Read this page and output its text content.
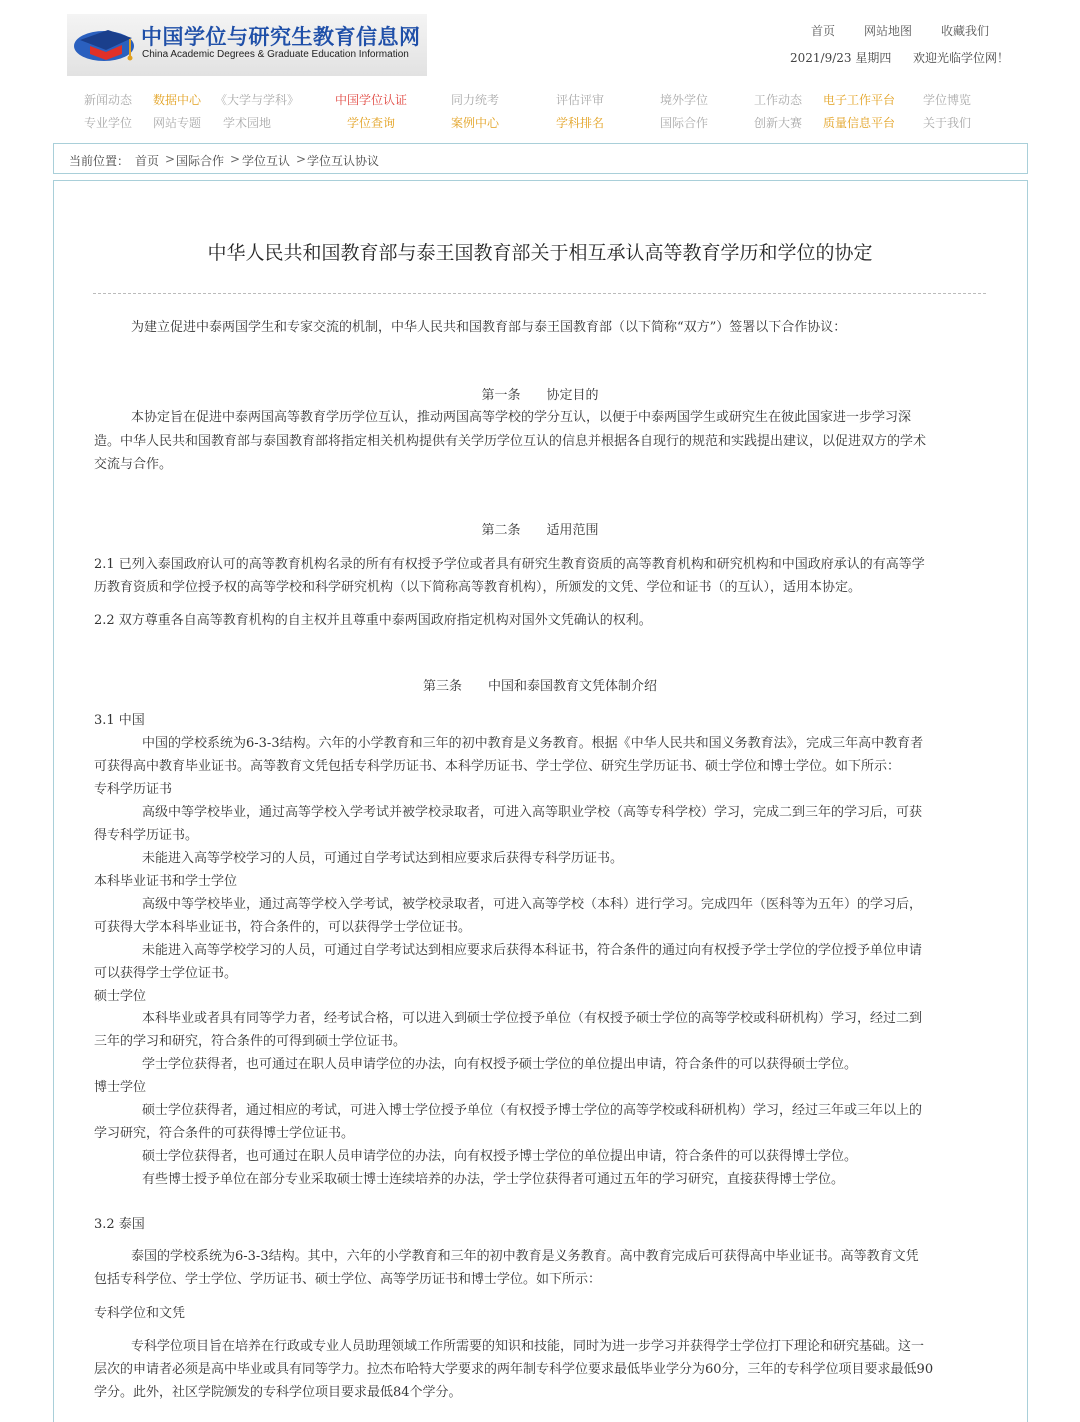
中国学位与研究生教育信息网
China Academic Degrees & Graduate Education Information
首页 网站地图 收藏我们
2021/9/23 星期四 欢迎光临学位网！
新闻动态 数据中心 《大学与学科》	中国学位认证	同力统考	评估评审	境外学位	工作动态 电子工作平台 学位博览
专业学位 网站专题 学术园地	学位查询	案例中心	学科排名	国际合作	创新大赛 质量信息平台 关于我们
当前位置： 首页 > 国际合作 > 学位互认 > 学位互认协议
中华人民共和国教育部与泰王国教育部关于相互承认高等教育学历和学位的协定
为建立促进中泰两国学生和专家交流的机制，中华人民共和国教育部与泰王国教育部（以下简称“双方”）签署以下合作协议：
第一条　　协定目的
本协定旨在促进中泰两国高等教育学历学位互认，推动两国高等学校的学分互认，以便于中泰两国学生或研究生在彼此国家进一步学习深
造。中华人民共和国教育部与泰国教育部将指定相关机构提供有关学历学位互认的信息并根据各自现行的规范和实践提出建议，以促进双方的学术
交流与合作。
第二条　　适用范围
2.1 已列入泰国政府认可的高等教育机构名录的所有有权授予学位或者具有研究生教育资质的高等教育机构和研究机构和中国政府承认的有高等学
历教育资质和学位授予权的高等学校和科学研究机构（以下简称高等教育机构），所颁发的文凭、学位和证书（的互认），适用本协定。
2.2 双方尊重各自高等教育机构的自主权并且尊重中泰两国政府指定机构对国外文凭确认的权利。
第三条　　中国和泰国教育文凭体制介绍
3.1 中国
中国的学校系统为6-3-3结构。六年的小学教育和三年的初中教育是义务教育。根据《中华人民共和国义务教育法》，完成三年高中教育者
可获得高中教育毕业证书。高等教育文凭包括专科学历证书、本科学历证书、学士学位、研究生学历证书、硕士学位和博士学位。如下所示：
专科学历证书
高级中等学校毕业，通过高等学校入学考试并被学校录取者，可进入高等职业学校（高等专科学校）学习，完成二到三年的学习后，可获
得专科学历证书。
未能进入高等学校学习的人员，可通过自学考试达到相应要求后获得专科学历证书。
本科毕业证书和学士学位
高级中等学校毕业，通过高等学校入学考试，被学校录取者，可进入高等学校（本科）进行学习。完成四年（医科等为五年）的学习后，
可获得大学本科毕业证书，符合条件的，可以获得学士学位证书。
未能进入高等学校学习的人员，可通过自学考试达到相应要求后获得本科证书，符合条件的通过向有权授予学士学位的学位授予单位申请
可以获得学士学位证书。
硕士学位
本科毕业或者具有同等学力者，经考试合格，可以进入到硕士学位授予单位（有权授予硕士学位的高等学校或科研机构）学习，经过二到
三年的学习和研究，符合条件的可得到硕士学位证书。
学士学位获得者，也可通过在职人员申请学位的办法，向有权授予硕士学位的单位提出申请，符合条件的可以获得硕士学位。
博士学位
硕士学位获得者，通过相应的考试，可进入博士学位授予单位（有权授予博士学位的高等学校或科研机构）学习，经过三年或三年以上的
学习研究，符合条件的可获得博士学位证书。
硕士学位获得者，也可通过在职人员申请学位的办法，向有权授予博士学位的单位提出申请，符合条件的可以获得博士学位。
有些博士授予单位在部分专业采取硕士博士连续培养的办法，学士学位获得者可通过五年的学习研究，直接获得博士学位。
3.2 泰国
泰国的学校系统为6-3-3结构。其中，六年的小学教育和三年的初中教育是义务教育。高中教育完成后可获得高中毕业证书。高等教育文凭
包括专科学位、学士学位、学历证书、硕士学位、高等学历证书和博士学位。如下所示：
专科学位和文凭
专科学位项目旨在培养在行政或专业人员助理领域工作所需要的知识和技能，同时为进一步学习并获得学士学位打下理论和研究基础。这一
层次的申请者必须是高中毕业或具有同等学力。拉杰布哈特大学要求的两年制专科学位要求最低毕业学分为60分，三年的专科学位项目要求最低90
学分。此外，社区学院颁发的专科学位项目要求最低84个学分。
